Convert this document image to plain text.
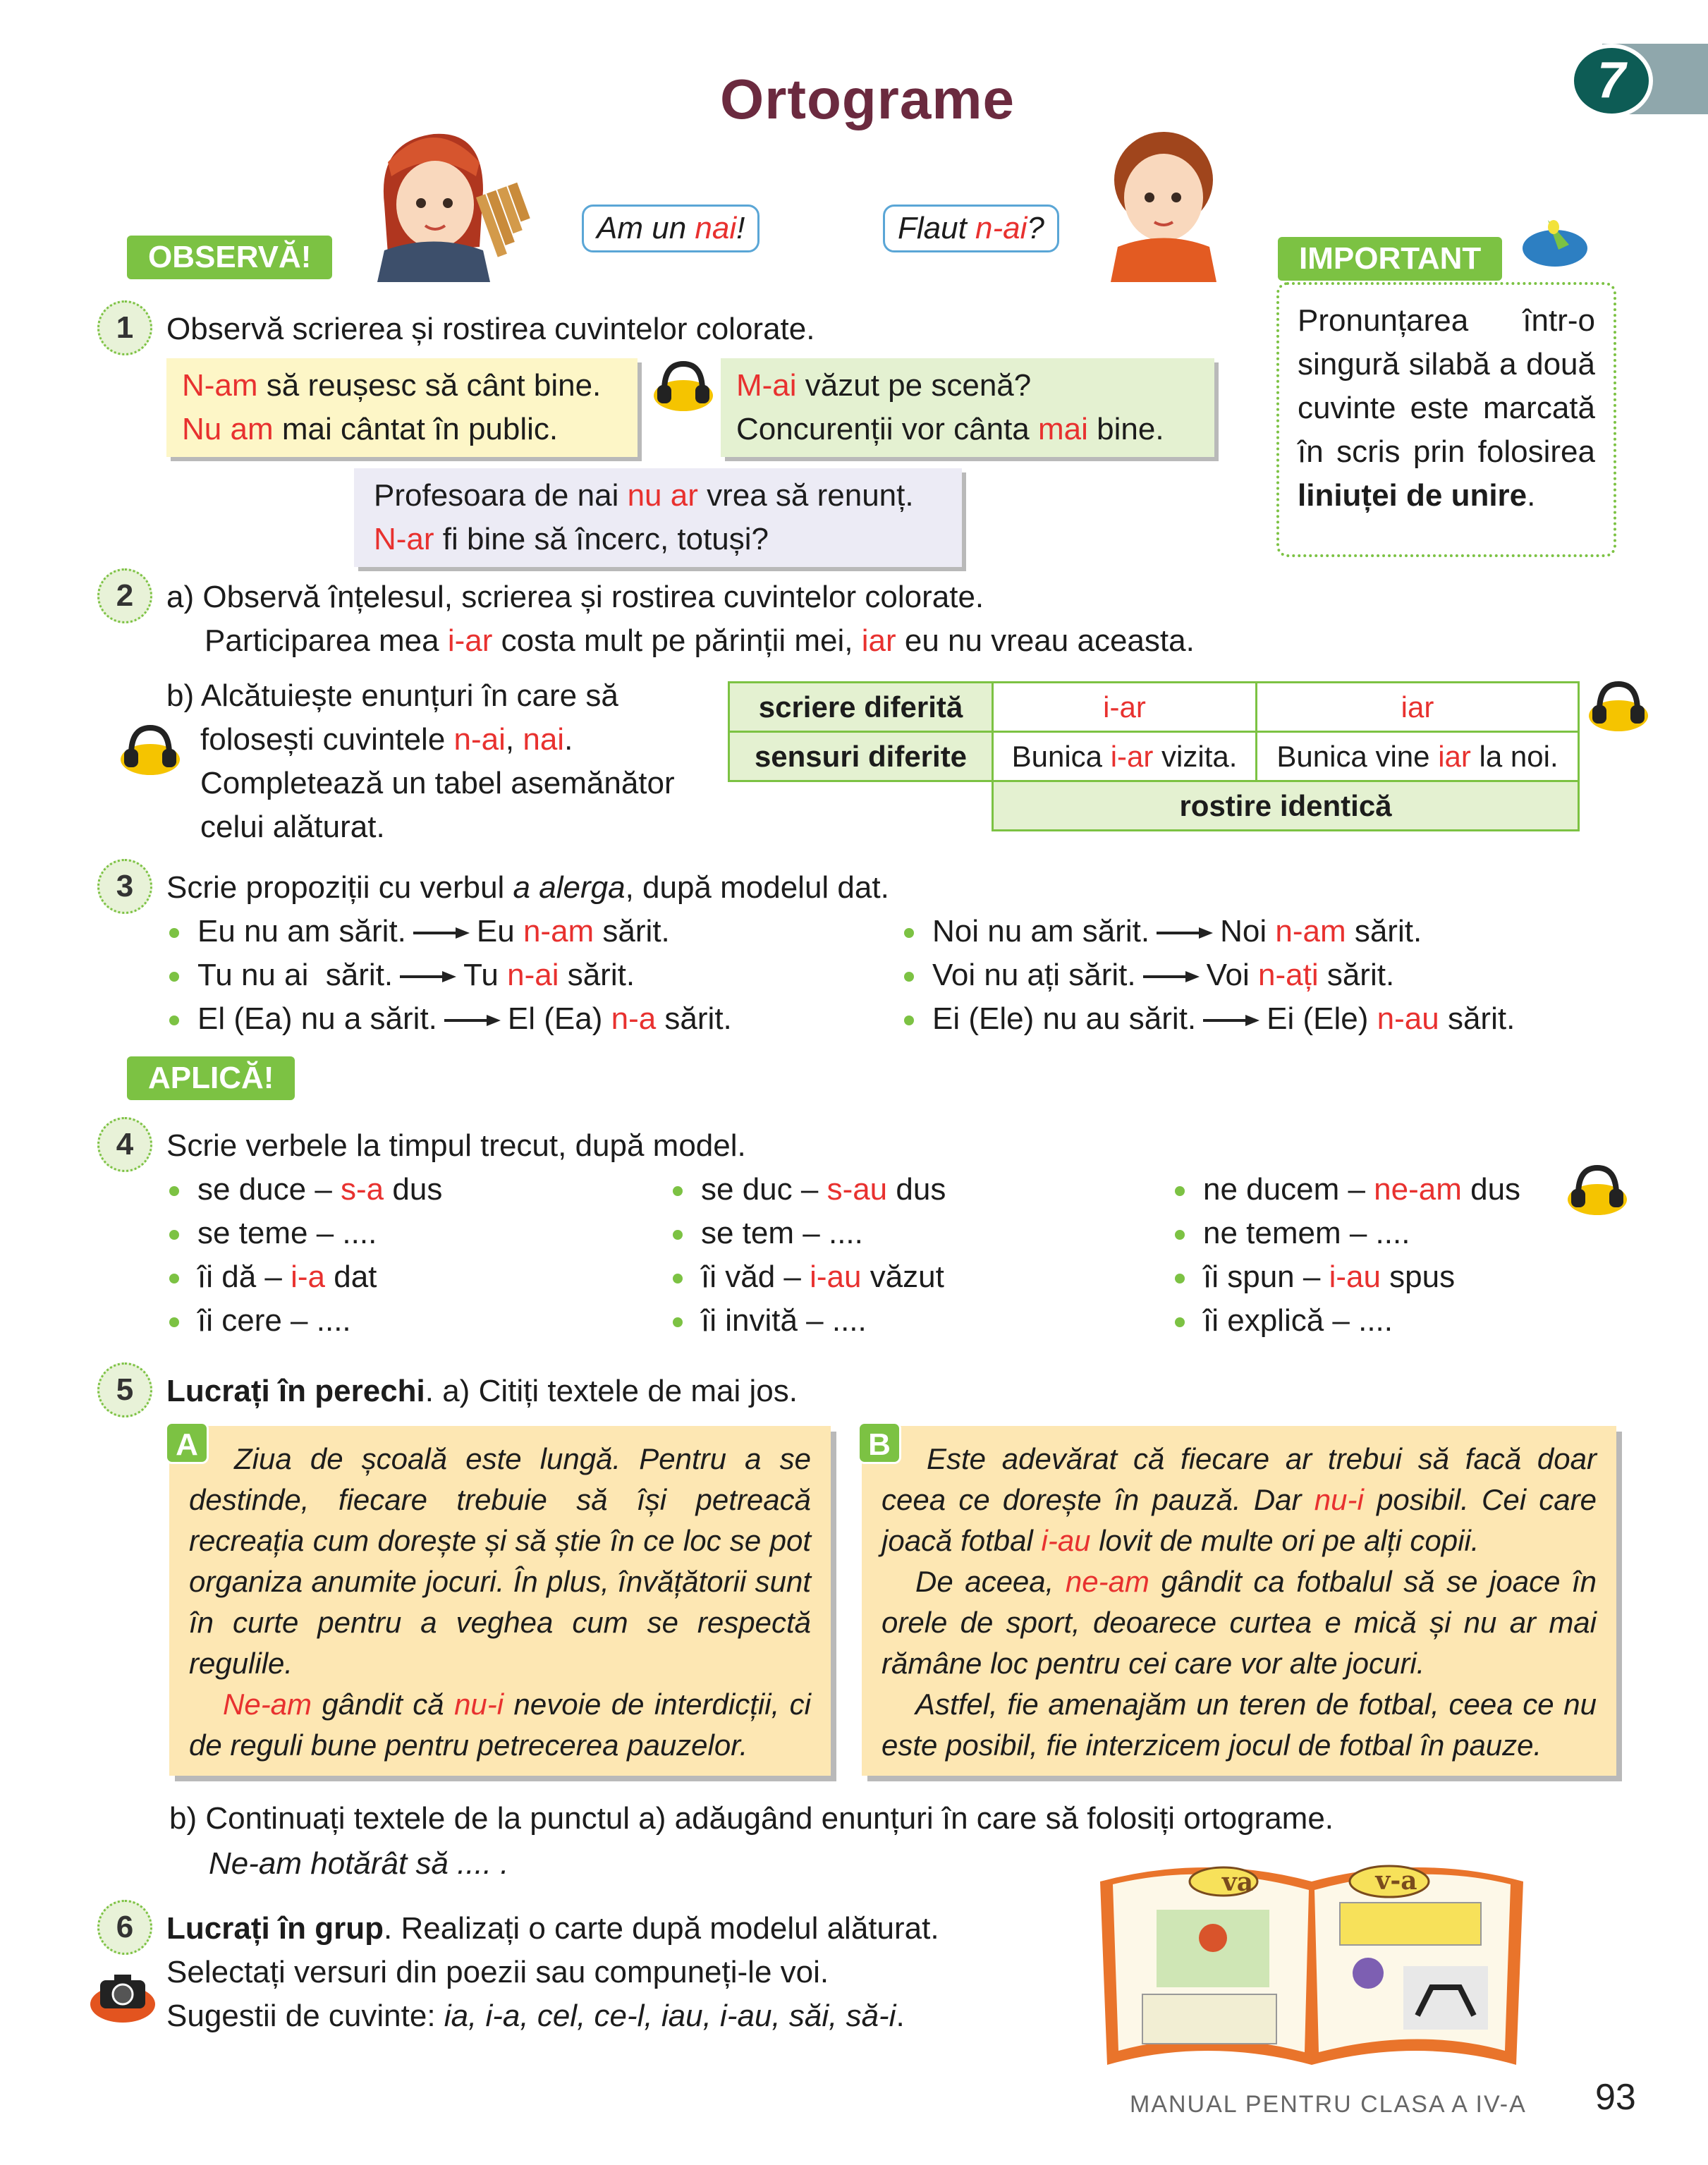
Ortograme	7
Am un nai!	Flaut n-ai?
OBSERVĂ!	IMPORTANT
Pronunțarea într-o singură silabă a două cuvinte este marcată în scris prin folosirea liniuței de unire.
1	Observă scrierea și rostirea cuvintelor colorate.
N-am să reușesc să cânt bine.
Nu am mai cântat în public.
M-ai văzut pe scenă?
Concurenții vor cânta mai bine.
Profesoara de nai nu ar vrea să renunț.
N-ar fi bine să încerc, totuși?
2	a) Observă înțelesul, scrierea și rostirea cuvintelor colorate.
Participarea mea i-ar costa mult pe părinții mei, iar eu nu vreau aceasta.
b) Alcătuiește enunțuri în care să
folosești cuvintele n-ai, nai.
Completează un tabel asemănător
celui alăturat.
scriere diferită	i-ar	iar
sensuri diferite	Bunica i-ar vizita.	Bunica vine iar la noi.
	rostire identică	
3	Scrie propoziții cu verbul a alerga, după modelul dat.
Eu nu am sărit. Eu n-am sărit.
Tu nu ai  sărit. Tu n-ai sărit.
El (Ea) nu a sărit. El (Ea) n-a sărit.
Noi nu am sărit. Noi n-am sărit.
Voi nu ați sărit. Voi n-ați sărit.
Ei (Ele) nu au sărit. Ei (Ele) n-au sărit.
APLICĂ!
4	Scrie verbele la timpul trecut, după model.
se duce – s-a dus
se teme – ....
îi dă – i-a dat
îi cere – ....
se duc – s-au dus
se tem – ....
îi văd – i-au văzut
îi invită – ....
ne ducem – ne-am dus
ne temem – ....
îi spun – i-au spus
îi explică – ....
5	Lucrați în perechi. a) Citiți textele de mai jos.
A	Ziua de școală este lungă. Pentru a se destinde, fiecare trebuie să își petreacă recreația cum dorește și să știe în ce loc se pot organiza anumite jocuri. În plus, învățătorii sunt în curte pentru a veghea cum se respectă regulile.

Ne-am gândit că nu-i nevoie de interdicții, ci de reguli bune pentru petrecerea pauzelor.

B	Este adevărat că fiecare ar trebui să facă doar ceea ce dorește în pauză. Dar nu-i posibil. Cei care joacă fotbal i-au lovit de multe ori pe alți copii.

De aceea, ne-am gândit ca fotbalul să se joace în orele de sport, deoarece curtea e mică și nu ar mai rămâne loc pentru cei care vor alte jocuri.

Astfel, fie amenajăm un teren de fotbal, ceea ce nu este posibil, fie interzicem jocul de fotbal în pauze.

b) Continuați textele de la punctul a) adăugând enunțuri în care să folosiți ortograme.
Ne-am hotărât să .... .
6	Lucrați în grup. Realizați o carte după modelul alăturat.
Selectați versuri din poezii sau compuneți-le voi.
Sugestii de cuvinte: ia, i-a, cel, ce-l, iau, i-au, săi, să-i.
va	v-a
MANUAL PENTRU CLASA A IV-A 93
